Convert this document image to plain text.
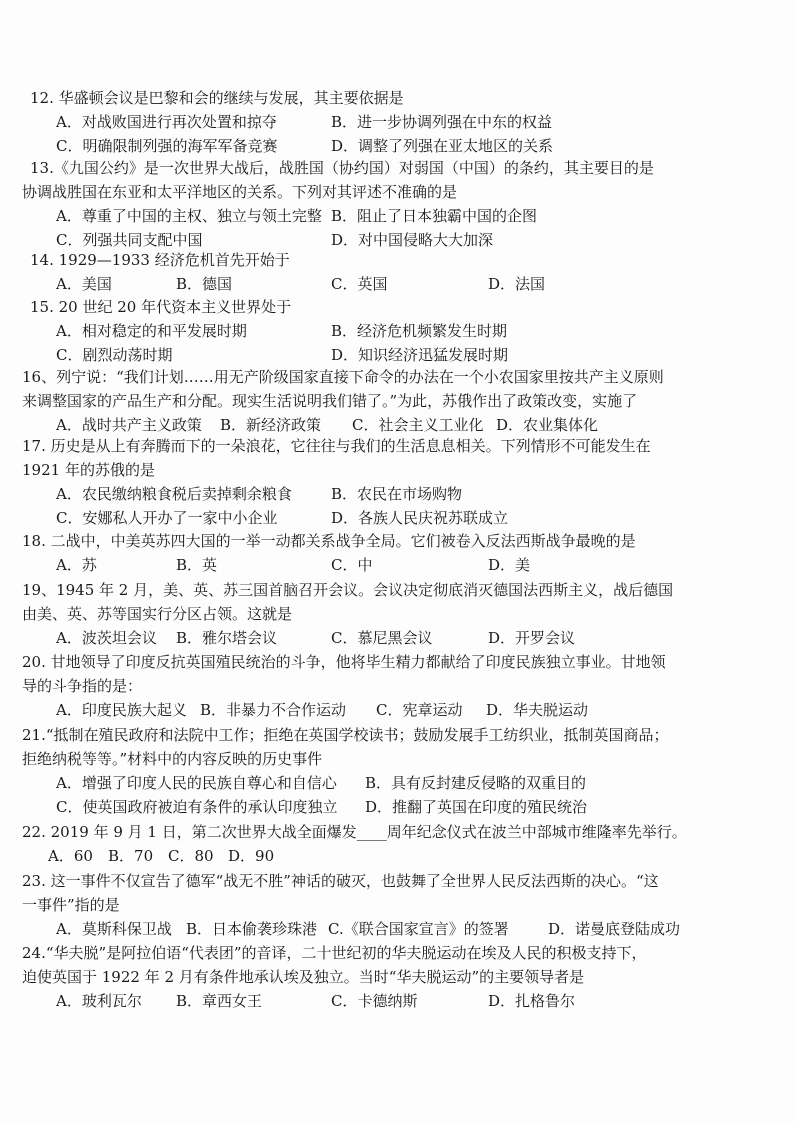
12. 华盛顿会议是巴黎和会的继续与发展，其主要依据是
A．对战败国进行再次处置和掠夺	B．进一步协调列强在中东的权益
C．明确限制列强的海军军备竞赛	D．调整了列强在亚太地区的关系
13.《九国公约》是一次世界大战后，战胜国（协约国）对弱国（中国）的条约，其主要目的是
协调战胜国在东亚和太平洋地区的关系。下列对其评述不准确的是
A．尊重了中国的主权、独立与领土完整 B．阻止了日本独霸中国的企图
C．列强共同支配中国	D．对中国侵略大大加深
14. 1929—1933 经济危机首先开始于
A．美国	B．德国	C．英国	D．法国
15. 20 世纪 20 年代资本主义世界处于
A．相对稳定的和平发展时期	B．经济危机频繁发生时期
C．剧烈动荡时期	D．知识经济迅猛发展时期
16、列宁说：“我们计划……用无产阶级国家直接下命令的办法在一个小农国家里按共产主义原则
来调整国家的产品生产和分配。现实生活说明我们错了。”为此，苏俄作出了政策改变，实施了
A．战时共产主义政策 B．新经济政策 C．社会主义工业化 D．农业集体化
17. 历史是从上有奔腾而下的一朵浪花，它往往与我们的生活息息相关。下列情形不可能发生在
1921 年的苏俄的是
A．农民缴纳粮食税后卖掉剩余粮食	B．农民在市场购物
C．安娜私人开办了一家中小企业	D．各族人民庆祝苏联成立
18. 二战中，中美英苏四大国的一举一动都关系战争全局。它们被卷入反法西斯战争最晚的是
A．苏	B．英	C．中	D．美
19、1945 年 2 月，美、英、苏三国首脑召开会议。会议决定彻底消灭德国法西斯主义，战后德国
由美、英、苏等国实行分区占领。这就是
A．波茨坦会议 B．雅尔塔会议	C．慕尼黑会议	D．开罗会议
20. 甘地领导了印度反抗英国殖民统治的斗争，他将毕生精力都献给了印度民族独立事业。甘地领
导的斗争指的是：
A．印度民族大起义 B．非暴力不合作运动 C．宪章运动 D．华夫脱运动
21.“抵制在殖民政府和法院中工作；拒绝在英国学校读书；鼓励发展手工纺织业，抵制英国商品；
拒绝纳税等等。”材料中的内容反映的历史事件
A．增强了印度人民的民族自尊心和自信心 B．具有反封建反侵略的双重目的
C．使英国政府被迫有条件的承认印度独立 D．推翻了英国在印度的殖民统治
22. 2019 年 9 月 1 日，第二次世界大战全面爆发____周年纪念仪式在波兰中部城市维隆率先举行。
A．60 B．70 C．80 D．90
23. 这一事件不仅宣告了德军“战无不胜”神话的破灭，也鼓舞了全世界人民反法西斯的决心。“这
一事件”指的是
A．莫斯科保卫战 B．日本偷袭珍珠港 C.《联合国家宣言》的签署	D．诺曼底登陆成功
24.“华夫脱”是阿拉伯语“代表团”的音译，二十世纪初的华夫脱运动在埃及人民的积极支持下，
迫使英国于 1922 年 2 月有条件地承认埃及独立。当时“华夫脱运动”的主要领导者是
A．玻利瓦尔 B．章西女王	C．卡德纳斯	D．扎格鲁尔
